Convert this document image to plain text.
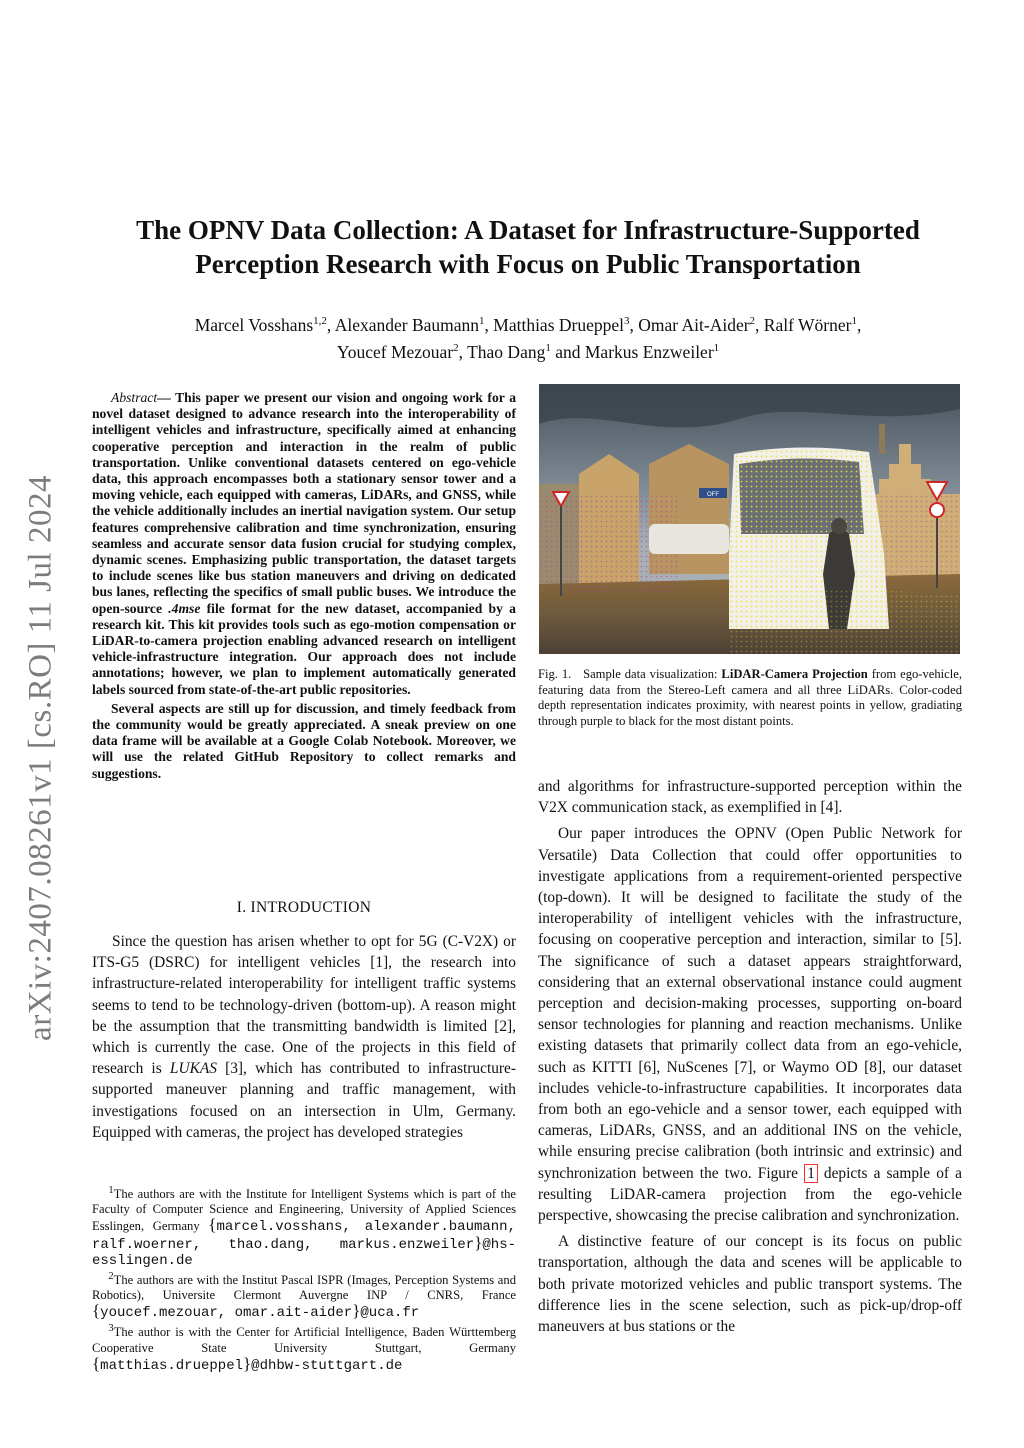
arXiv:2407.08261v1 [cs.RO] 11 Jul 2024
The OPNV Data Collection: A Dataset for Infrastructure-Supported
Perception Research with Focus on Public Transportation
Marcel Vosshans$^{1,2}$, Alexander Baumann$^1$, Matthias Drueppel$^3$, Omar Ait-Aider$^2$, Ralf Wörner$^1$,
Youcef Mezouar$^2$, Thao Dang$^1$ and Markus Enzweiler$^1$

Abstract— This paper we present our vision and ongoing work for a novel dataset designed to advance research into the interoperability of intelligent vehicles and infrastructure, specifically aimed at enhancing cooperative perception and interaction in the realm of public transportation. Unlike conventional datasets centered on ego-vehicle data, this approach encompasses both a stationary sensor tower and a moving vehicle, each equipped with cameras, LiDARs, and GNSS, while the vehicle additionally includes an inertial navigation system. Our setup features comprehensive calibration and time synchronization, ensuring seamless and accurate sensor data fusion crucial for studying complex, dynamic scenes. Emphasizing public transportation, the dataset targets to include scenes like bus station maneuvers and driving on dedicated bus lanes, reflecting the specifics of small public buses. We introduce the open-source .4mse file format for the new dataset, accompanied by a research kit. This kit provides tools such as ego-motion compensation or LiDAR-to-camera projection enabling advanced research on intelligent vehicle-infrastructure integration. Our approach does not include annotations; however, we plan to implement automatically generated labels sourced from state-of-the-art public repositories.

Several aspects are still up for discussion, and timely feedback from the community would be greatly appreciated. A sneak preview on one data frame will be available at a Google Colab Notebook. Moreover, we will use the related GitHub Repository to collect remarks and suggestions.

I. INTRODUCTION

Since the question has arisen whether to opt for 5G (C-V2X) or ITS-G5 (DSRC) for intelligent vehicles [1], the research into infrastructure-related interoperability for intelligent traffic systems seems to tend to be technology-driven (bottom-up). A reason might be the assumption that the transmitting bandwidth is limited [2], which is currently the case. One of the projects in this field of research is LUKAS [3], which has contributed to infrastructure-supported maneuver planning and traffic management, with investigations focused on an intersection in Ulm, Germany. Equipped with cameras, the project has developed strategies

$^1$The authors are with the Institute for Intelligent Systems which is part of the Faculty of Computer Science and Engineering, University of Applied Sciences Esslingen, Germany {marcel.vosshans, alexander.baumann, ralf.woerner, thao.dang, markus.enzweiler}@hs-esslingen.de

$^2$The authors are with the Institut Pascal ISPR (Images, Perception Systems and Robotics), Universite Clermont Auvergne INP / CNRS, France {youcef.mezouar, omar.ait-aider}@uca.fr

$^3$The author is with the Center for Artificial Intelligence, Baden Württemberg Cooperative State University Stuttgart, Germany {matthias.drueppel}@dhbw-stuttgart.de

OFF
Fig. 1. Sample data visualization: LiDAR-Camera Projection from ego-vehicle, featuring data from the Stereo-Left camera and all three LiDARs. Color-coded depth representation indicates proximity, with nearest points in yellow, gradiating through purple to black for the most distant points.

and algorithms for infrastructure-supported perception within the V2X communication stack, as exemplified in [4].

Our paper introduces the OPNV (Open Public Network for Versatile) Data Collection that could offer opportunities to investigate applications from a requirement-oriented perspective (top-down). It will be designed to facilitate the study of the interoperability of intelligent vehicles with the infrastructure, focusing on cooperative perception and interaction, similar to [5]. The significance of such a dataset appears straightforward, considering that an external observational instance could augment perception and decision-making processes, supporting on-board sensor technologies for planning and reaction mechanisms. Unlike existing datasets that primarily collect data from an ego-vehicle, such as KITTI [6], NuScenes [7], or Waymo OD [8], our dataset includes vehicle-to-infrastructure capabilities. It incorporates data from both an ego-vehicle and a sensor tower, each equipped with cameras, LiDARs, GNSS, and an additional INS on the vehicle, while ensuring precise calibration (both intrinsic and extrinsic) and synchronization between the two. Figure 1 depicts a sample of a resulting LiDAR-camera projection from the ego-vehicle perspective, showcasing the precise calibration and synchronization.

A distinctive feature of our concept is its focus on public transportation, although the data and scenes will be applicable to both private motorized vehicles and public transport systems. The difference lies in the scene selection, such as pick-up/drop-off maneuvers at bus stations or the
